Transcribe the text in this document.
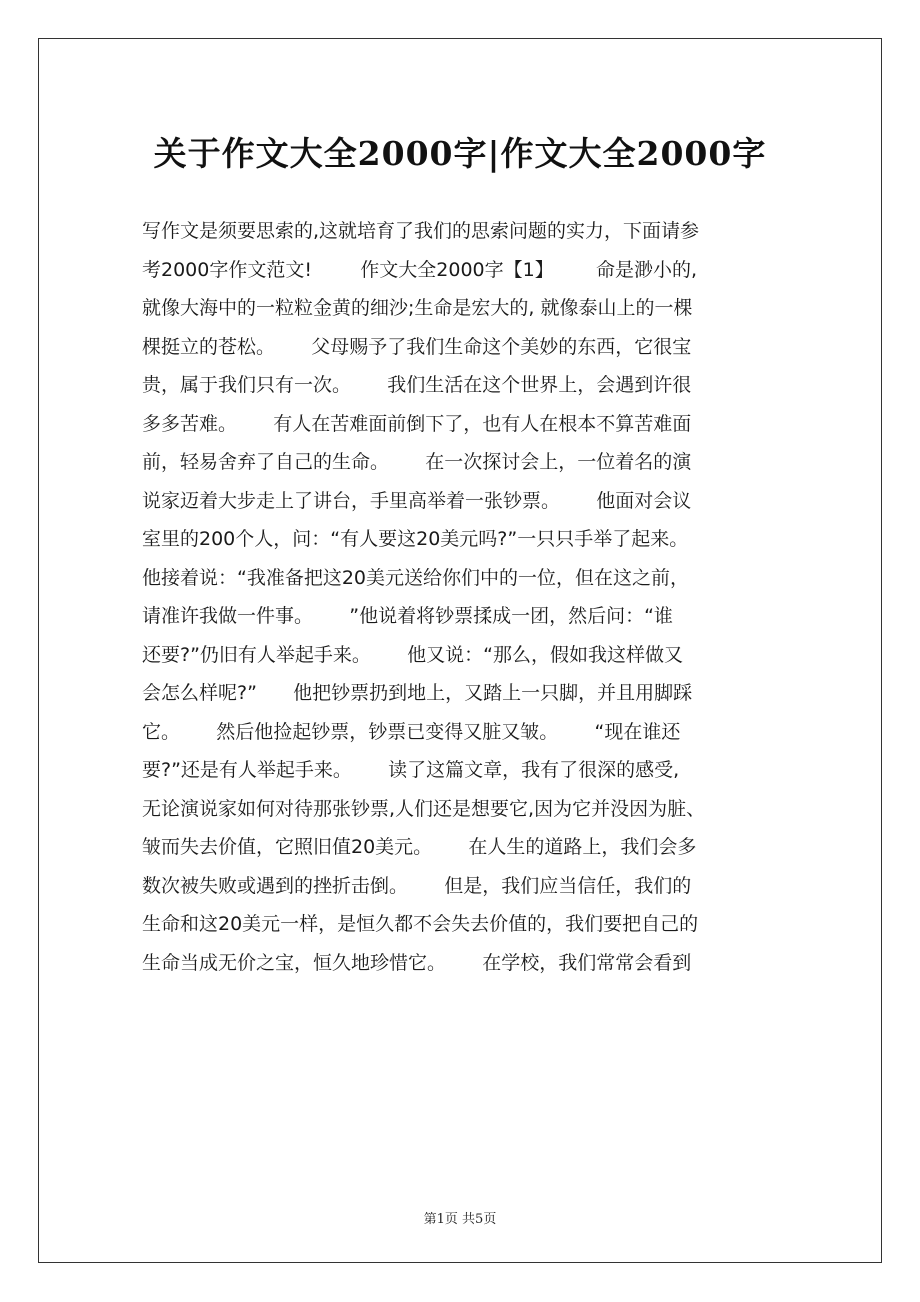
关于作文大全2000字|作文大全2000字
写作文是须要思索的,这就培育了我们的思索问题的实力，下面请参
考2000字作文范文!        作文大全2000字【1】       命是渺小的,
就像大海中的一粒粒金黄的细沙;生命是宏大的, 就像泰山上的一棵
棵挺立的苍松。      父母赐予了我们生命这个美妙的东西，它很宝
贵，属于我们只有一次。      我们生活在这个世界上，会遇到许很
多多苦难。      有人在苦难面前倒下了，也有人在根本不算苦难面
前，轻易舍弃了自己的生命。      在一次探讨会上，一位着名的演
说家迈着大步走上了讲台，手里高举着一张钞票。      他面对会议
室里的200个人，问：“有人要这20美元吗?”一只只手举了起来。
他接着说：“我准备把这20美元送给你们中的一位，但在这之前，
请准许我做一件事。      ”他说着将钞票揉成一团，然后问：“谁
还要?”仍旧有人举起手来。      他又说：“那么，假如我这样做又
会怎么样呢?”      他把钞票扔到地上，又踏上一只脚，并且用脚踩
它。      然后他捡起钞票，钞票已变得又脏又皱。      “现在谁还
要?”还是有人举起手来。      读了这篇文章，我有了很深的感受,
无论演说家如何对待那张钞票,人们还是想要它,因为它并没因为脏、
皱而失去价值，它照旧值20美元。      在人生的道路上，我们会多
数次被失败或遇到的挫折击倒。      但是，我们应当信任，我们的
生命和这20美元一样，是恒久都不会失去价值的，我们要把自己的
生命当成无价之宝，恒久地珍惜它。      在学校，我们常常会看到
第1页 共5页
